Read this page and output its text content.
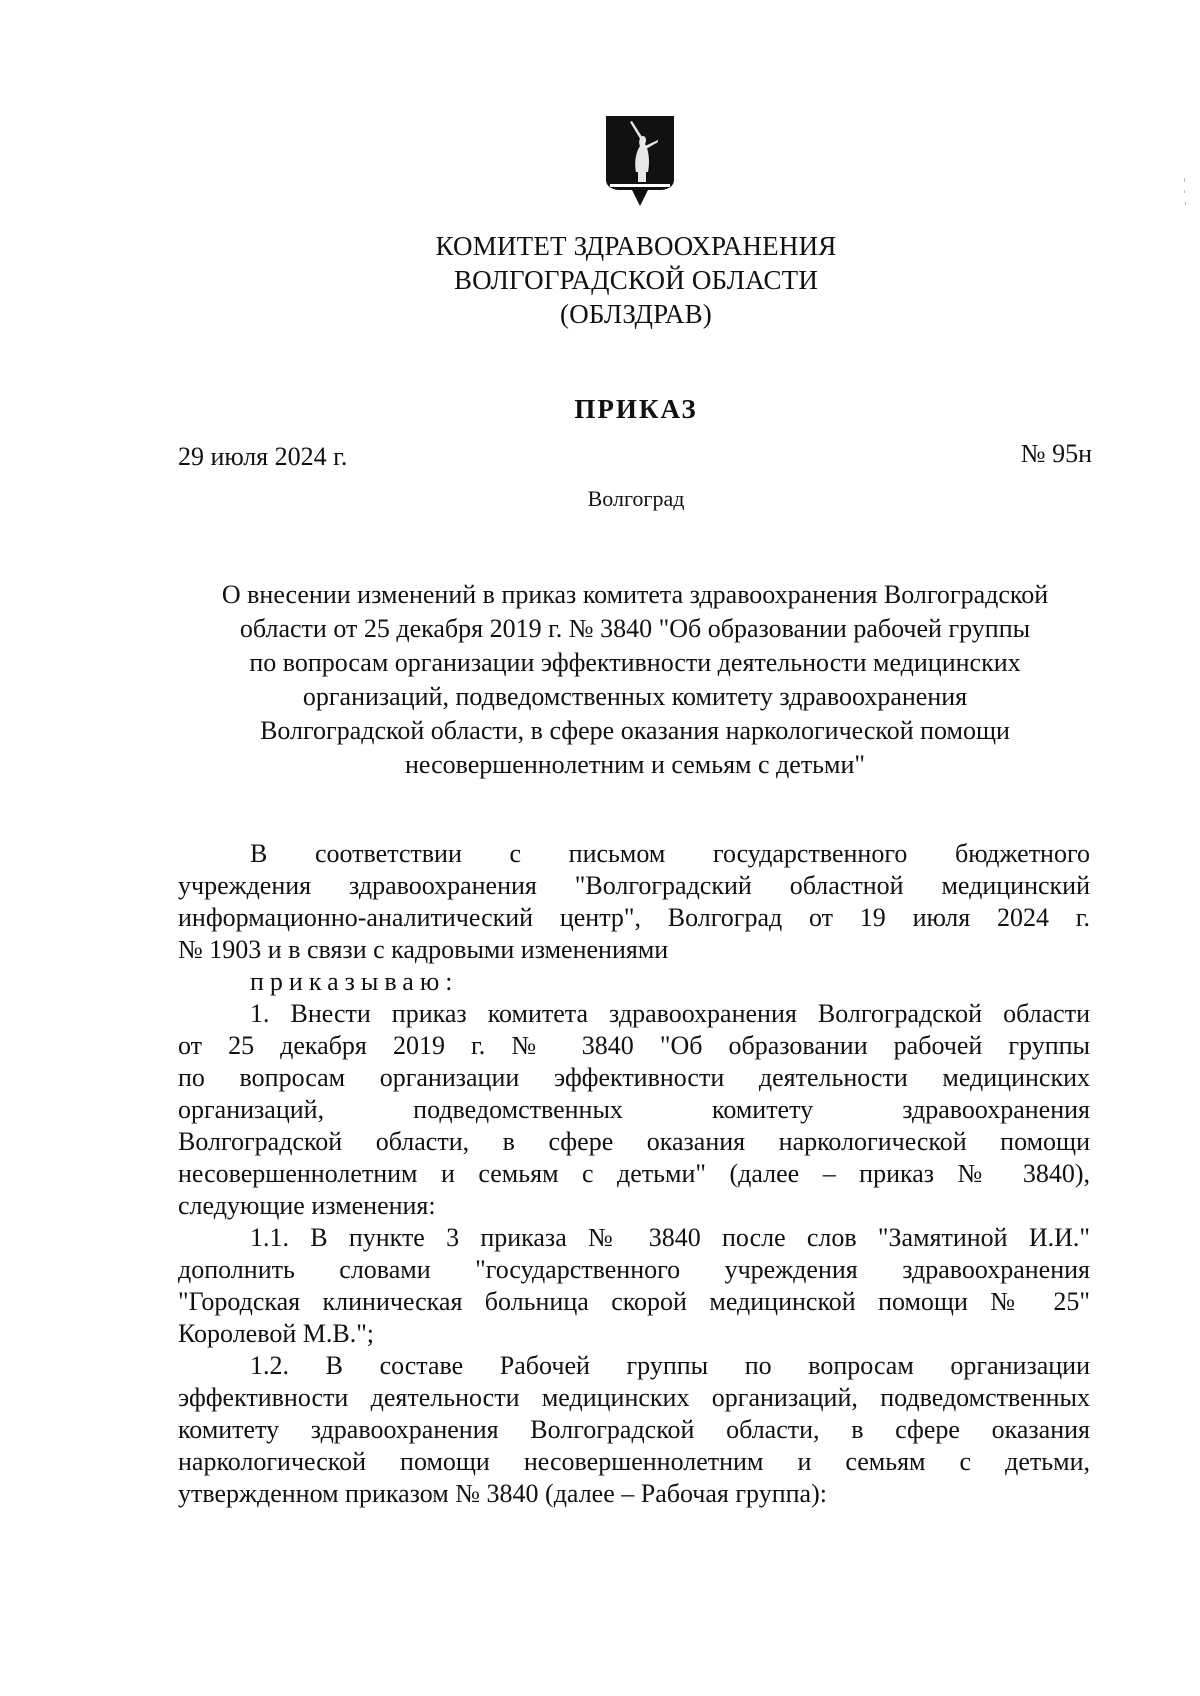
КОМИТЕТ ЗДРАВООХРАНЕНИЯ
ВОЛГОГРАДСКОЙ ОБЛАСТИ
(ОБЛЗДРАВ)
ПРИКАЗ
29 июля 2024 г.	№ 95н
Волгоград
О внесении изменений в приказ комитета здравоохранения Волгоградской
области от 25 декабря 2019 г. № 3840 "Об образовании рабочей группы
по вопросам организации эффективности деятельности медицинских
организаций, подведомственных комитету здравоохранения
Волгоградской области, в сфере оказания наркологической помощи
несовершеннолетним и семьям с детьми"
В соответствии с письмом государственного бюджетного
учреждения здравоохранения "Волгоградский областной медицинский
информационно-аналитический центр", Волгоград от 19 июля 2024 г.
№ 1903 и в связи с кадровыми изменениями
приказываю:
1. Внести приказ комитета здравоохранения Волгоградской области
от 25 декабря 2019 г. № 3840 "Об образовании рабочей группы
по вопросам организации эффективности деятельности медицинских
организаций, подведомственных комитету здравоохранения
Волгоградской области, в сфере оказания наркологической помощи
несовершеннолетним и семьям с детьми" (далее – приказ № 3840),
следующие изменения:
1.1. В пункте 3 приказа № 3840 после слов "Замятиной И.И."
дополнить словами "государственного учреждения здравоохранения
"Городская клиническая больница скорой медицинской помощи № 25"
Королевой М.В.";
1.2. В составе Рабочей группы по вопросам организации
эффективности деятельности медицинских организаций, подведомственных
комитету здравоохранения Волгоградской области, в сфере оказания
наркологической помощи несовершеннолетним и семьям с детьми,
утвержденном приказом № 3840 (далее – Рабочая группа):
